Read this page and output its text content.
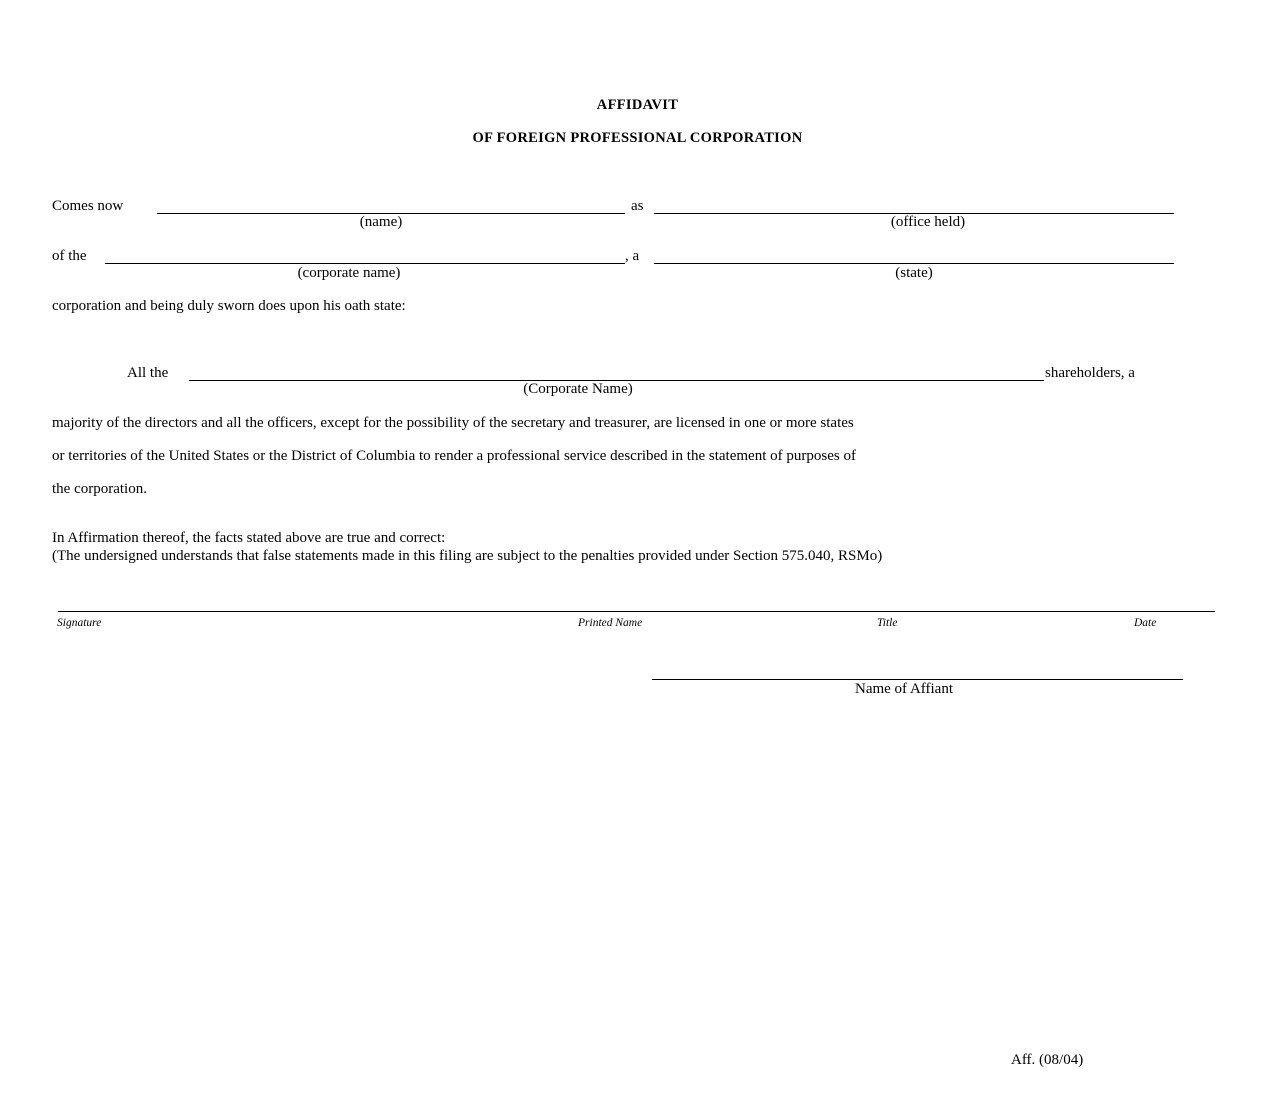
AFFIDAVIT
OF FOREIGN PROFESSIONAL CORPORATION
Comes now	as
(name)	(office held)
of the	, a
(corporate name)	(state)
corporation and being duly sworn does upon his oath state:
All the	shareholders, a
(Corporate Name)
majority of the directors and all the officers, except for the possibility of the secretary and treasurer, are licensed in one or more states
or territories of the United States or the District of Columbia to render a professional service described in the statement of purposes of
the corporation.
In Affirmation thereof, the facts stated above are true and correct:
(The undersigned understands that false statements made in this filing are subject to the penalties provided under Section 575.040, RSMo)
Signature	Printed Name	Title	Date
Name of Affiant
Aff. (08/04)
